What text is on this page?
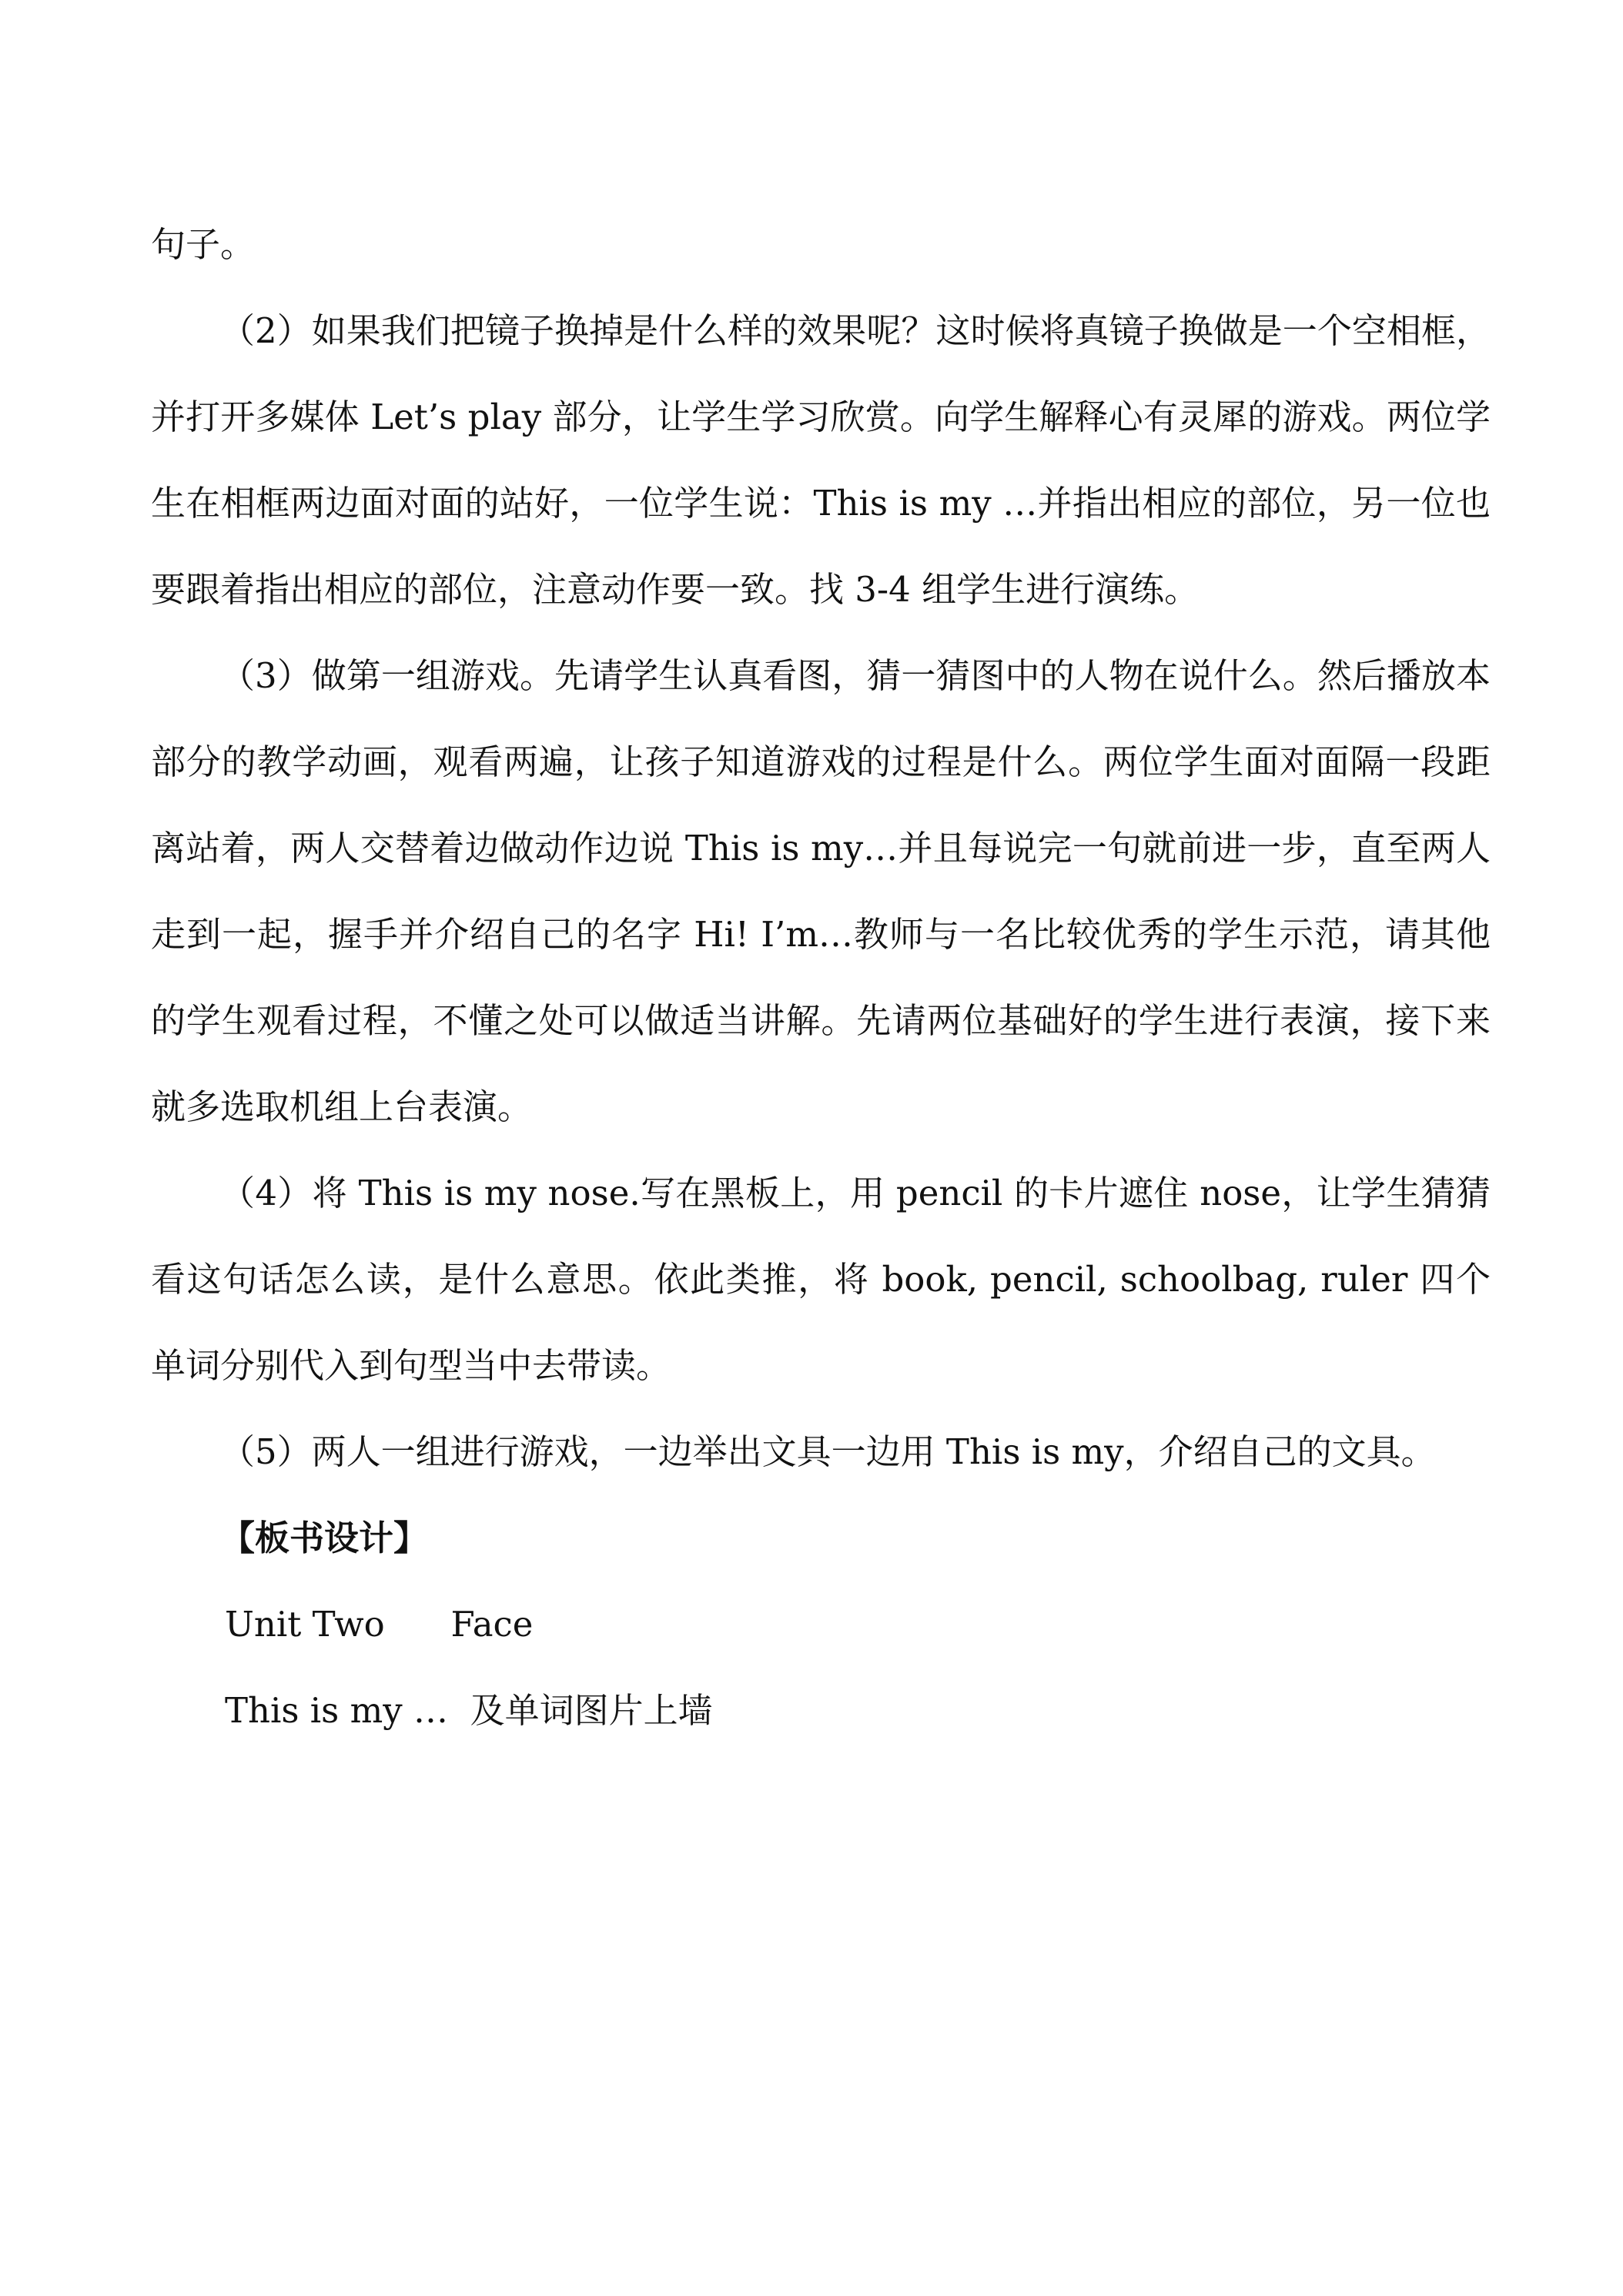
句子。

（2）如果我们把镜子换掉是什么样的效果呢？这时候将真镜子换做是一个空相框，并打开多媒体 Let’s play 部分，让学生学习欣赏。向学生解释心有灵犀的游戏。两位学生在相框两边面对面的站好，一位学生说：This is my …并指出相应的部位，另一位也要跟着指出相应的部位，注意动作要一致。找 3-4 组学生进行演练。

（3）做第一组游戏。先请学生认真看图，猜一猜图中的人物在说什么。然后播放本部分的教学动画，观看两遍，让孩子知道游戏的过程是什么。两位学生面对面隔一段距离站着，两人交替着边做动作边说 This is my…并且每说完一句就前进一步，直至两人走到一起，握手并介绍自己的名字 Hi! I’m…教师与一名比较优秀的学生示范，请其他的学生观看过程，不懂之处可以做适当讲解。先请两位基础好的学生进行表演，接下来就多选取机组上台表演。

（4）将 This is my nose.写在黑板上，用 pencil 的卡片遮住 nose，让学生猜猜看这句话怎么读，是什么意思。依此类推，将 book, pencil, schoolbag, ruler 四个单词分别代入到句型当中去带读。

（5）两人一组进行游戏，一边举出文具一边用 This is my，介绍自己的文具。

【板书设计】

Unit Two      Face

This is my …  及单词图片上墙
